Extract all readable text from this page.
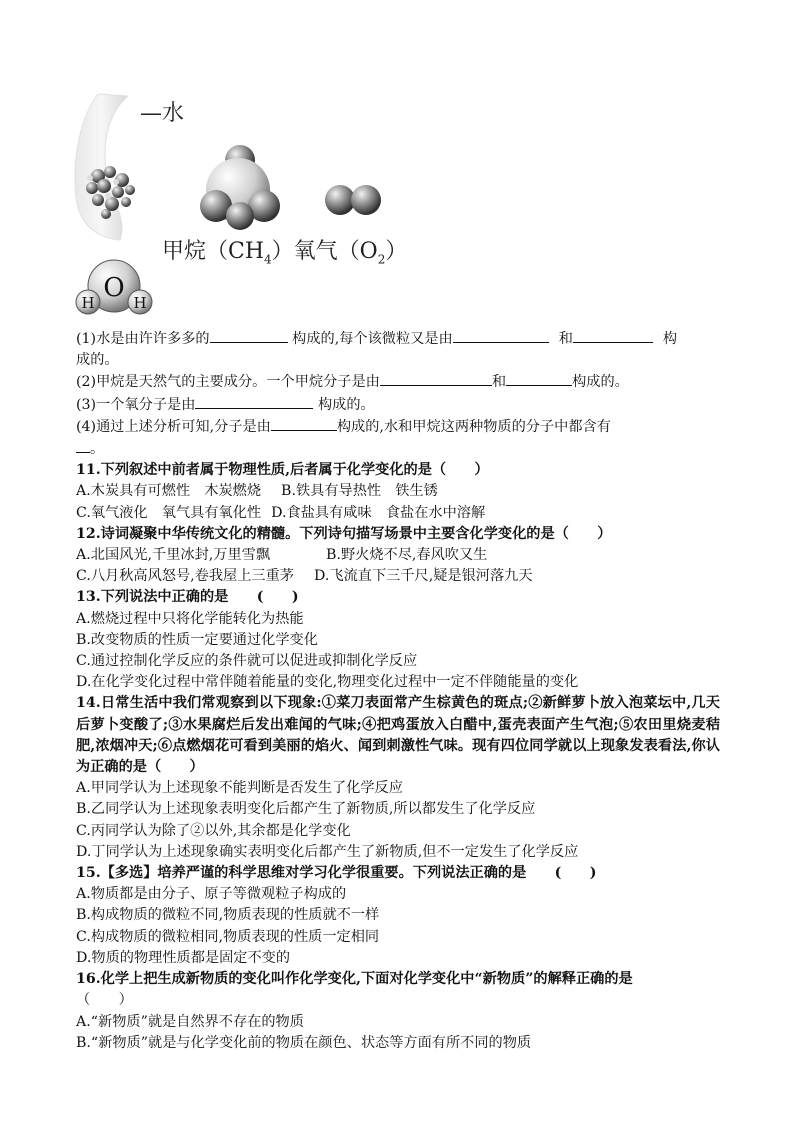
O
H	H
—水
甲烷$(CH_4)$氧气$(O_2)$
(1)水是由许许多多的	构成的,每个该微粒又是由	和	构
成的。
(2)甲烷是天然气的主要成分。一个甲烷分子是由	和	构成的。
(3)一个氧分子是由	构成的。
(4)通过上述分析可知,分子是由	构成的,水和甲烷这两种物质的分子中都含有
。
11.下列叙述中前者属于物理性质,后者属于化学变化的是（　　）
A.木炭具有可燃性　木炭燃烧 B.铁具有导热性　铁生锈
C.氧气液化　氧气具有氧化性 D.食盐具有咸味　食盐在水中溶解
12.诗词凝聚中华传统文化的精髓。下列诗句描写场景中主要含化学变化的是（　　）
A.北国风光,千里冰封,万里雪飘	B.野火烧不尽,春风吹又生
C.八月秋高风怒号,卷我屋上三重茅 D.飞流直下三千尺,疑是银河落九天
13.下列说法中正确的是　　(　　)
A.燃烧过程中只将化学能转化为热能
B.改变物质的性质一定要通过化学变化
C.通过控制化学反应的条件就可以促进或抑制化学反应
D.在化学变化过程中常伴随着能量的变化,物理变化过程中一定不伴随能量的变化
14.日常生活中我们常观察到以下现象:①菜刀表面常产生棕黄色的斑点;②新鲜萝卜放入泡菜坛中,几天后萝卜变酸了;③水果腐烂后发出难闻的气味;④把鸡蛋放入白醋中,蛋壳表面产生气泡;⑤农田里烧麦秸肥,浓烟冲天;⑥点燃烟花可看到美丽的焰火、闻到刺激性气味。现有四位同学就以上现象发表看法,你认为正确的是（　　）
A.甲同学认为上述现象不能判断是否发生了化学反应
B.乙同学认为上述现象表明变化后都产生了新物质,所以都发生了化学反应
C.丙同学认为除了②以外,其余都是化学变化
D.丁同学认为上述现象确实表明变化后都产生了新物质,但不一定发生了化学反应
15.【多选】培养严谨的科学思维对学习化学很重要。下列说法正确的是　　(　　)
A.物质都是由分子、原子等微观粒子构成的
B.构成物质的微粒不同,物质表现的性质就不一样
C.构成物质的微粒相同,物质表现的性质一定相同
D.物质的物理性质都是固定不变的
16.化学上把生成新物质的变化叫作化学变化,下面对化学变化中“新物质”的解释正确的是
（　　）
A.“新物质”就是自然界不存在的物质
B.“新物质”就是与化学变化前的物质在颜色、状态等方面有所不同的物质
